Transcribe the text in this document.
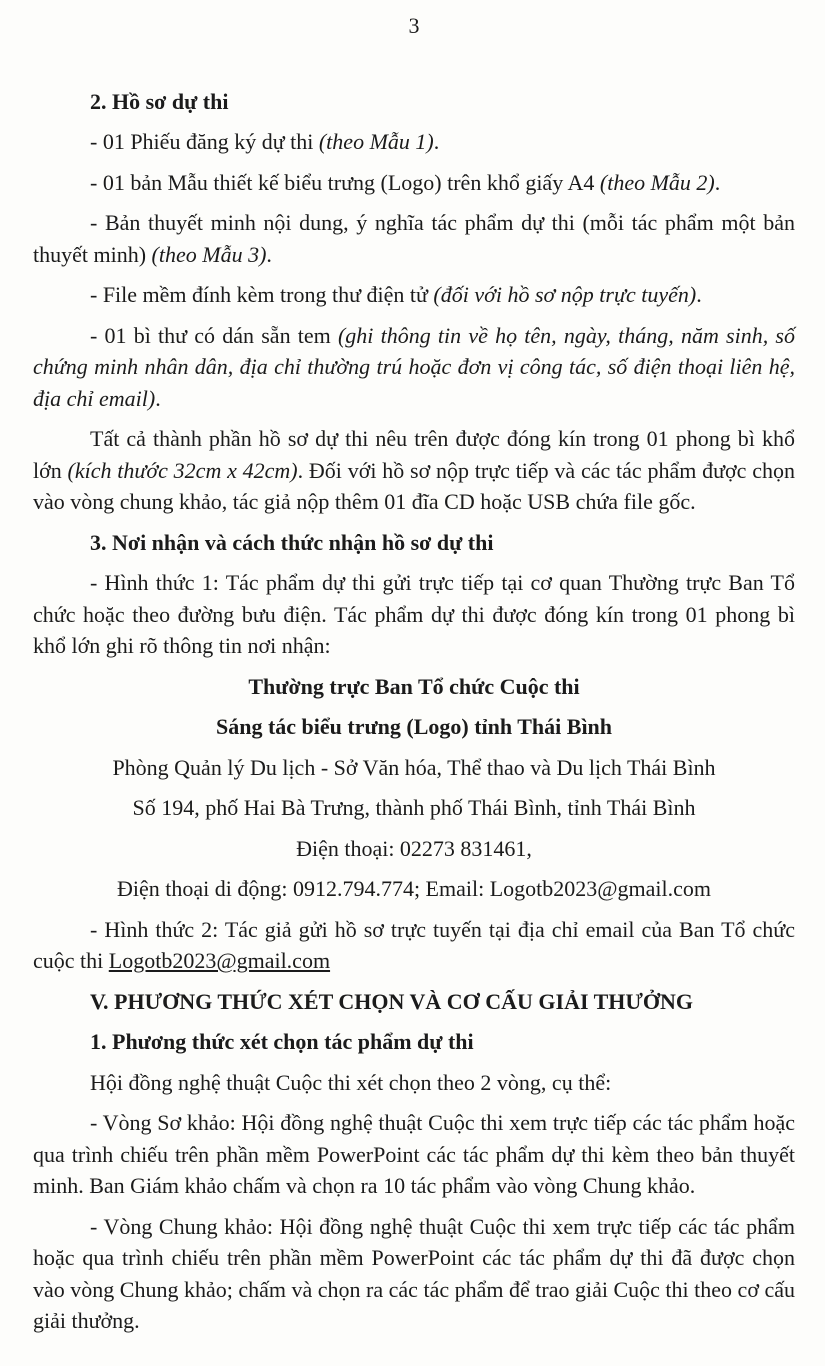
3

2. Hồ sơ dự thi

- 01 Phiếu đăng ký dự thi (theo Mẫu 1).

- 01 bản Mẫu thiết kế biểu trưng (Logo) trên khổ giấy A4 (theo Mẫu 2).

- Bản thuyết minh nội dung, ý nghĩa tác phẩm dự thi (mỗi tác phẩm một bản thuyết minh) (theo Mẫu 3).

- File mềm đính kèm trong thư điện tử (đối với hồ sơ nộp trực tuyến).

- 01 bì thư có dán sẵn tem (ghi thông tin về họ tên, ngày, tháng, năm sinh, số chứng minh nhân dân, địa chỉ thường trú hoặc đơn vị công tác, số điện thoại liên hệ, địa chỉ email).

Tất cả thành phần hồ sơ dự thi nêu trên được đóng kín trong 01 phong bì khổ lớn (kích thước 32cm x 42cm). Đối với hồ sơ nộp trực tiếp và các tác phẩm được chọn vào vòng chung khảo, tác giả nộp thêm 01 đĩa CD hoặc USB chứa file gốc.

3. Nơi nhận và cách thức nhận hồ sơ dự thi

- Hình thức 1: Tác phẩm dự thi gửi trực tiếp tại cơ quan Thường trực Ban Tổ chức hoặc theo đường bưu điện. Tác phẩm dự thi được đóng kín trong 01 phong bì khổ lớn ghi rõ thông tin nơi nhận:

Thường trực Ban Tổ chức Cuộc thi

Sáng tác biểu trưng (Logo) tỉnh Thái Bình

Phòng Quản lý Du lịch - Sở Văn hóa, Thể thao và Du lịch Thái Bình

Số 194, phố Hai Bà Trưng, thành phố Thái Bình, tỉnh Thái Bình

Điện thoại: 02273 831461,

Điện thoại di động: 0912.794.774; Email: Logotb2023@gmail.com

- Hình thức 2: Tác giả gửi hồ sơ trực tuyến tại địa chỉ email của Ban Tổ chức cuộc thi Logotb2023@gmail.com

V. PHƯƠNG THỨC XÉT CHỌN VÀ CƠ CẤU GIẢI THƯỞNG

1. Phương thức xét chọn tác phẩm dự thi

Hội đồng nghệ thuật Cuộc thi xét chọn theo 2 vòng, cụ thể:

- Vòng Sơ khảo: Hội đồng nghệ thuật Cuộc thi xem trực tiếp các tác phẩm hoặc qua trình chiếu trên phần mềm PowerPoint các tác phẩm dự thi kèm theo bản thuyết minh. Ban Giám khảo chấm và chọn ra 10 tác phẩm vào vòng Chung khảo.

- Vòng Chung khảo: Hội đồng nghệ thuật Cuộc thi xem trực tiếp các tác phẩm hoặc qua trình chiếu trên phần mềm PowerPoint các tác phẩm dự thi đã được chọn vào vòng Chung khảo; chấm và chọn ra các tác phẩm để trao giải Cuộc thi theo cơ cấu giải thưởng.
